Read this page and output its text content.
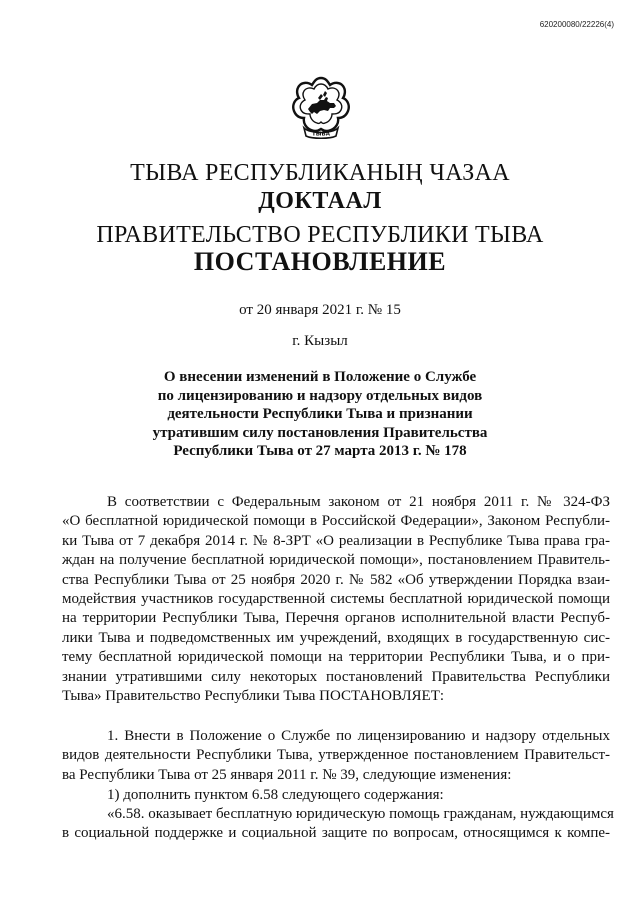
620200080/22226(4)
ТЫВА
ТЫВА РЕСПУБЛИКАНЫҢ ЧАЗАА
ДОКТААЛ
ПРАВИТЕЛЬСТВО РЕСПУБЛИКИ ТЫВА
ПОСТАНОВЛЕНИЕ
от 20 января 2021 г. № 15
г. Кызыл
О внесении изменений в Положение о Службе
по лицензированию и надзору отдельных видов
деятельности Республики Тыва и признании
утратившим силу постановления Правительства
Республики Тыва от 27 марта 2013 г. № 178
В соответствии с Федеральным законом от 21 ноября 2011 г. № 324-ФЗ
«О бесплатной юридической помощи в Российской Федерации», Законом Республи-
ки Тыва от 7 декабря 2014 г. № 8-ЗРТ «О реализации в Республике Тыва права гра-
ждан на получение бесплатной юридической помощи», постановлением Правитель-
ства Республики Тыва от 25 ноября 2020 г. № 582 «Об утверждении Порядка взаи-
модействия участников государственной системы бесплатной юридической помощи
на территории Республики Тыва, Перечня органов исполнительной власти Респуб-
лики Тыва и подведомственных им учреждений, входящих в государственную сис-
тему бесплатной юридической помощи на территории Республики Тыва, и о при-
знании утратившими силу некоторых постановлений Правительства Республики
Тыва» Правительство Республики Тыва ПОСТАНОВЛЯЕТ:
1. Внести в Положение о Службе по лицензированию и надзору отдельных
видов деятельности Республики Тыва, утвержденное постановлением Правительст-
ва Республики Тыва от 25 января 2011 г. № 39, следующие изменения:
1) дополнить пунктом 6.58 следующего содержания:
«6.58. оказывает бесплатную юридическую помощь гражданам, нуждающимся
в социальной поддержке и социальной защите по вопросам, относящимся к компе-
